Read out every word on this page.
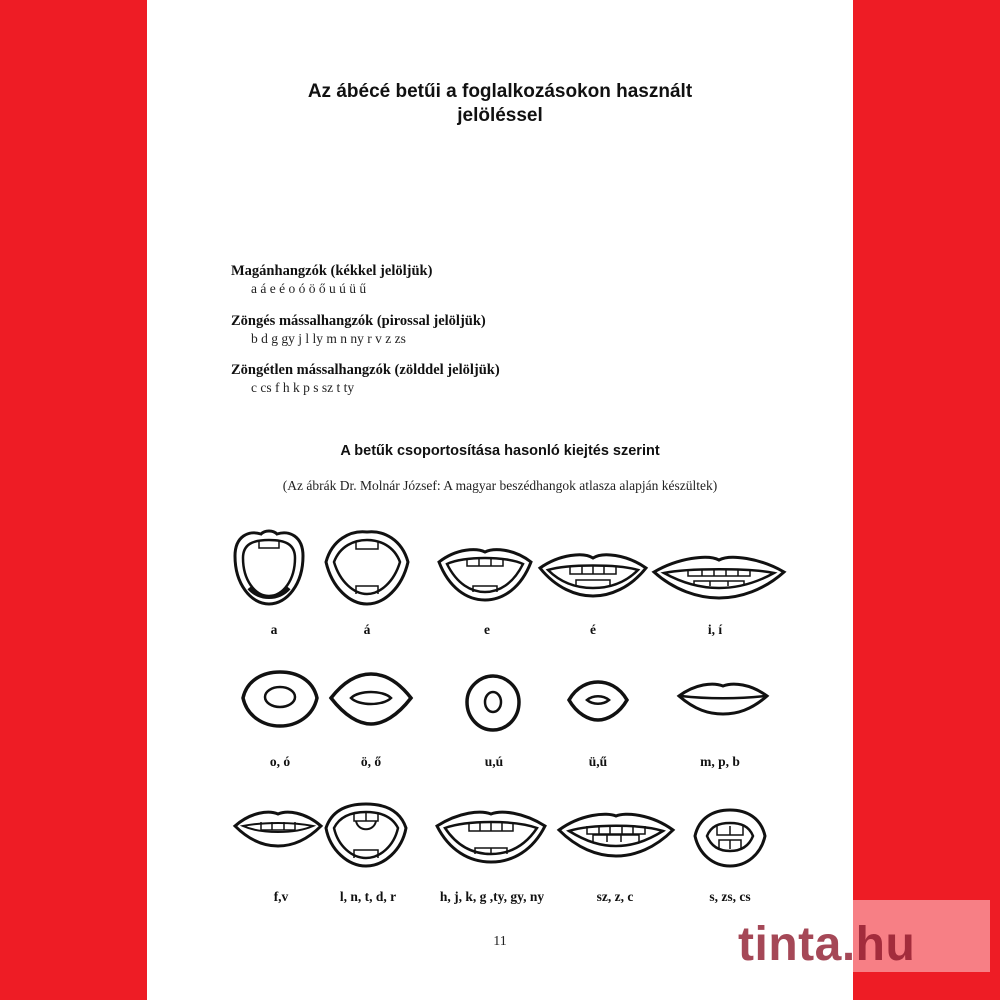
Az ábécé betűi a foglalkozásokon használt
jelöléssel
Magánhangzók (kékkel jelöljük)
a á e é o ó ö ő u ú ü ű
Zöngés mássalhangzók (pirossal jelöljük)
b d g gy j l ly m n ny r v z zs
Zöngétlen mássalhangzók (zölddel jelöljük)
c cs f h k p s sz t ty
A betűk csoportosítása hasonló kiejtés szerint
(Az ábrák Dr. Molnár József: A magyar beszédhangok atlasza alapján készültek)
a	á	e	é	i, í
o, ó	ö, ő	u,ú	ü,ű	m, p, b
f,v	l, n, t, d, r	h, j, k, g ,ty, gy, ny	sz, z, c	s, zs, cs
11	tinta.hu
